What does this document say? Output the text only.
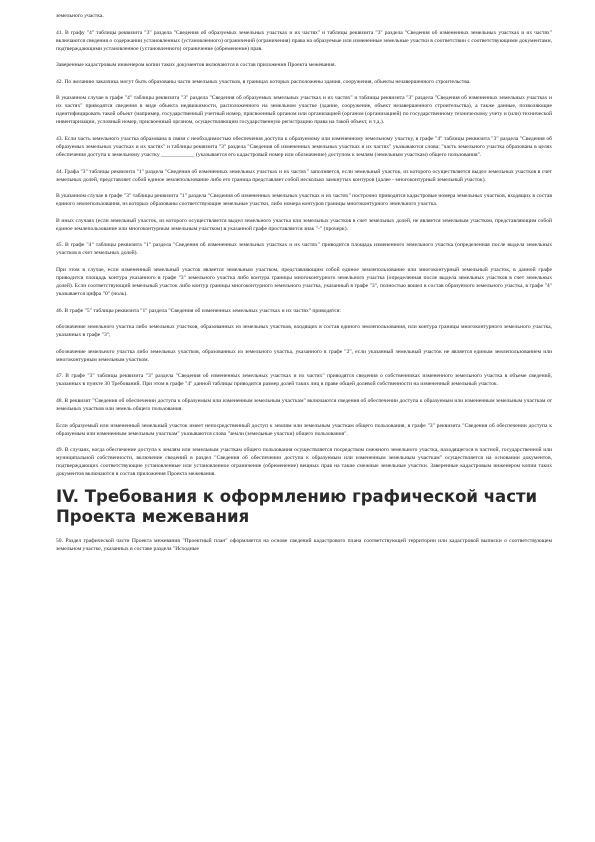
земельного участка.

41. В графу "4" таблицы реквизита "3" раздела "Сведения об образуемых земельных участках и их частях" и таблицы реквизита "3" раздела "Сведения об измененных земельных участках и их частях" включаются сведения о содержании установленных (установленного) ограничений (ограничения) права на образуемые или измененные земельные участки в соответствии с соответствующими документами, подтверждающими установленное (установленного) ограничение (обременение) прав.

Заверенные кадастровым инженером копии таких документов включаются в состав приложения Проекта межевания.

42. По желанию заказчика могут быть образованы части земельных участков, в границах которых расположены здания, сооружения, объекты незавершенного строительства.

В указанном случае в графе "4" таблицы реквизита "3" раздела "Сведения об образуемых земельных участках и их частях" и таблицы реквизита "3" раздела "Сведения об измененных земельных участках и их частях" приводятся сведения в виде объекта недвижимости, расположенного на земельном участке (здание, сооружение, объект незавершенного строительства), а также данные, позволяющие идентифицировать такой объект (например, государственный учетный номер, присвоенный органом или организацией (органом (организацией) по государственному техническому учету и (или) технической инвентаризации, условный номер, присвоенный органом, осуществляющим государственную регистрацию права на такой объект, и т.д.).

43. Если часть земельного участка образована в связи с необходимостью обеспечения доступа к образуемому или измененному земельному участку, в графе "4" таблицы реквизита "3" раздела "Сведения об образуемых земельных участках и их частях" и таблицы реквизита "3" раздела "Сведения об измененных земельных участках и их частях" указываются слова: "часть земельного участка образована в целях обеспечения доступа к земельному участку ____________ (указывается его кадастровый номер или обозначение) доступом к землям (земельным участкам) общего пользования".

44. Графа "3" таблицы реквизита "1" раздела "Сведения об измененных земельных участках и их частях" заполняется, если земельный участок, из которого осуществляется выдел земельных участков в счет земельных долей, представляет собой единое землепользование либо его граница представляет собой несколько замкнутых контуров (далее - многоконтурный земельный участок).

В указанном случае в графе "3" таблицы реквизита "1" раздела "Сведения об измененных земельных участках и их частях" построчно приводятся кадастровые номера земельных участков, входящих в состав единого землепользования, из которых образованы соответствующие земельные участки, либо номера контуров границы многоконтурного земельного участка.

В иных случаях (если земельный участок, из которого осуществляется выдел земельного участка или земельных участков в счет земельных долей, не является земельным участком, представляющим собой единое землепользование или многоконтурным земельным участком) в указанной графе проставляется знак "-" (прочерк).

45. В графе "4" таблицы реквизита "1" раздела "Сведения об измененных земельных участках и их частях" приводится площадь измененного земельного участка (определенная после выдела земельных участков в счет земельных долей).

При этом в случае, если измененный земельный участок является земельным участком, представляющим собой единое землепользование или многоконтурный земельный участок, в данной графе приводится площадь контура указанного в графе "3" земельного участка либо контура границы многоконтурного земельного участка (определенная после выдела земельных участков в счет земельных долей). Если соответствующий земельный участок либо контур границы многоконтурного земельного участка, указанный в графе "3", полностью вошел в состав образуемого земельного участка, в графе "4" указывается цифра "0" (ноль).

46. В графе "5" таблицы реквизита "1" раздела "Сведения об измененных земельных участках и их частях" приводятся:

обозначение земельного участка либо земельных участков, образованных из земельных участков, входящих в состав единого землепользования, или контура границы многоконтурного земельного участка, указанных в графе "3";

обозначение земельного участка либо земельных участков, образованных из земельного участка, указанного в графе "2", если указанный земельный участок не является единым землепользованием или многоконтурным земельным участком.

47. В графе "3" таблицы реквизита "3" раздела "Сведения об измененных земельных участках и их частях" приводятся сведения о собственниках измененного земельного участка в объеме сведений, указанных в пункте 30 Требований. При этом в графе "4" данной таблицы приводится размер долей таких лиц в праве общей долевой собственности на измененный земельный участок.

48. В реквизит "Сведения об обеспечении доступа к образуемым или измененным земельным участкам" включаются сведения об обеспечении доступа к образуемым или измененным земельным участкам от земельных участков или земель общего пользования.

Если образуемый или измененный земельный участок имеет непосредственный доступ к землям или земельным участкам общего пользования, в графе "3" реквизита "Сведения об обеспечении доступа к образуемым или измененным земельным участкам" указываются слова "земли (земельные участки) общего пользования".

49. В случаях, когда обеспечение доступа к землям или земельным участкам общего пользования осуществляется посредством смежного земельного участка, находящегося в частной, государственной или муниципальной собственности, включение сведений в раздел "Сведения об обеспечении доступа к образуемым или измененным земельным участкам" осуществляется на основании документов, подтверждающих соответствующие установленные или установленное ограничение (обременение) вещных прав на такие смежные земельные участки. Заверенные кадастровым инженером копии таких документов включаются в состав приложения Проекта межевания.

IV. Требования к оформлению графической части Проекта межевания

50. Раздел графической части Проекта межевания "Проектный план" оформляется на основе сведений кадастрового плана соответствующей территории или кадастровой выписки о соответствующем земельном участке, указанных в составе раздела "Исходные
